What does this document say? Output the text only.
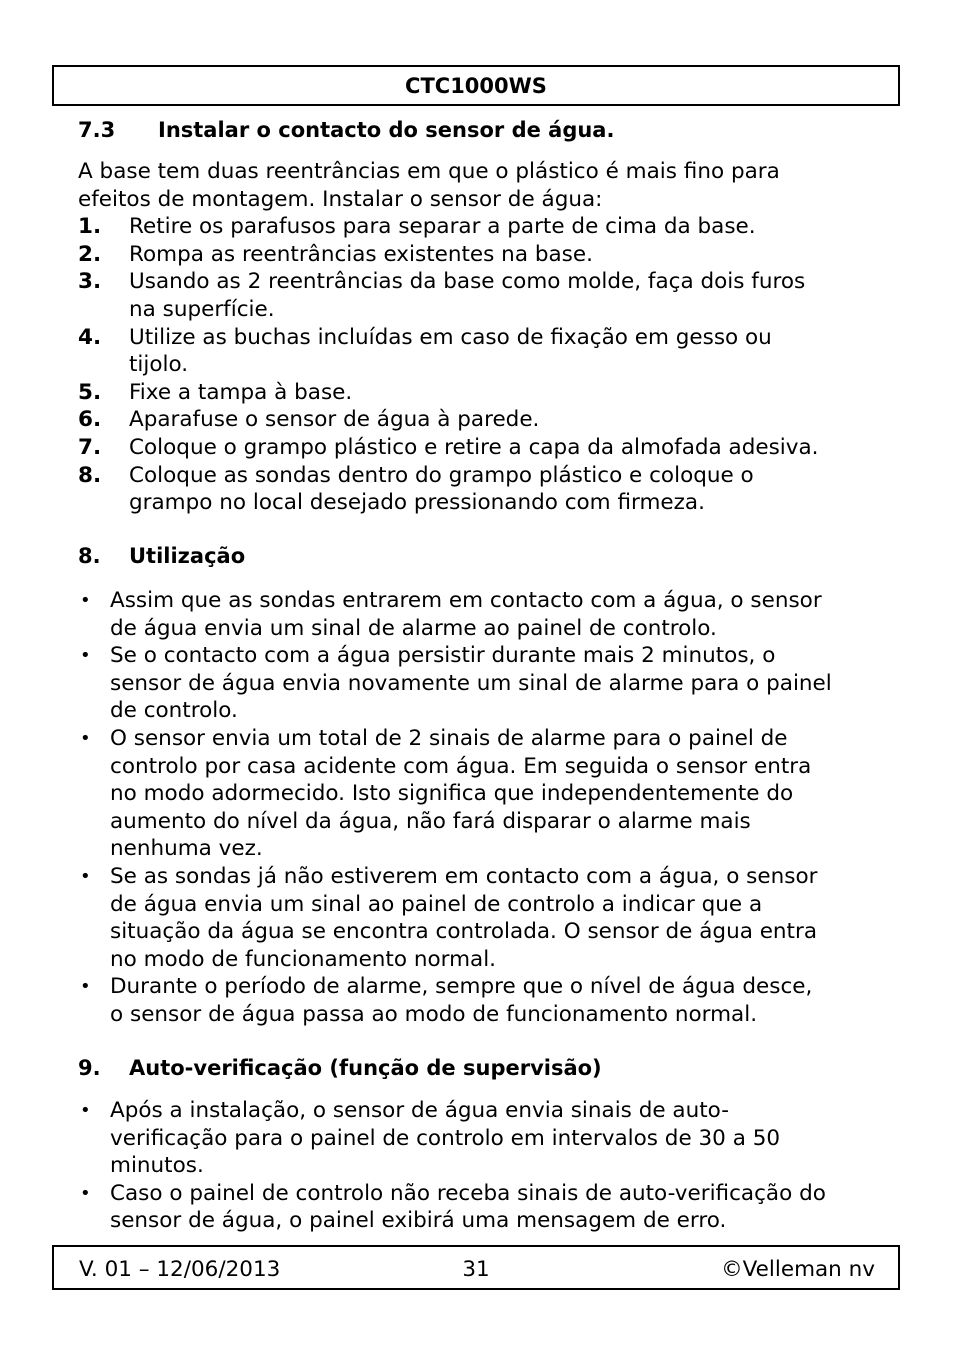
CTC1000WS
7.3 Instalar o contacto do sensor de água.
A base tem duas reentrâncias em que o plástico é mais fino para
efeitos de montagem. Instalar o sensor de água:
1. Retire os parafusos para separar a parte de cima da base.
2. Rompa as reentrâncias existentes na base.
3. Usando as 2 reentrâncias da base como molde, faça dois furos
na superfície.
4. Utilize as buchas incluídas em caso de fixação em gesso ou
tijolo.
5. Fixe a tampa à base.
6. Aparafuse o sensor de água à parede.
7. Coloque o grampo plástico e retire a capa da almofada adesiva.
8. Coloque as sondas dentro do grampo plástico e coloque o
grampo no local desejado pressionando com firmeza.
8. Utilização
• Assim que as sondas entrarem em contacto com a água, o sensor
de água envia um sinal de alarme ao painel de controlo.
• Se o contacto com a água persistir durante mais 2 minutos, o
sensor de água envia novamente um sinal de alarme para o painel
de controlo.
• O sensor envia um total de 2 sinais de alarme para o painel de
controlo por casa acidente com água. Em seguida o sensor entra
no modo adormecido. Isto significa que independentemente do
aumento do nível da água, não fará disparar o alarme mais
nenhuma vez.
• Se as sondas já não estiverem em contacto com a água, o sensor
de água envia um sinal ao painel de controlo a indicar que a
situação da água se encontra controlada. O sensor de água entra
no modo de funcionamento normal.
• Durante o período de alarme, sempre que o nível de água desce,
o sensor de água passa ao modo de funcionamento normal.
9. Auto-verificação (função de supervisão)
• Após a instalação, o sensor de água envia sinais de auto-
verificação para o painel de controlo em intervalos de 30 a 50
minutos.
• Caso o painel de controlo não receba sinais de auto-verificação do
sensor de água, o painel exibirá uma mensagem de erro.
V. 01 – 12/06/2013	31	©Velleman nv
